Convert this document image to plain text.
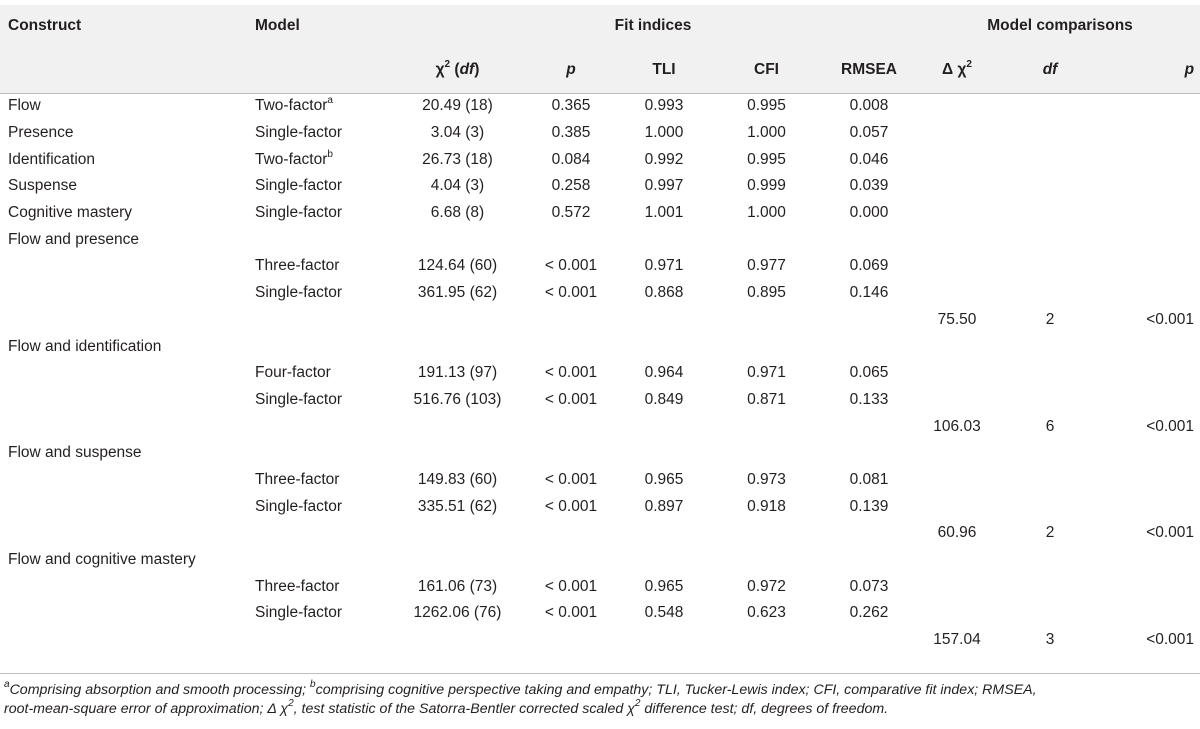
Construct	Model	Fit indices					Model comparisons		
		$\chi^2$ (df)	p	TLI	CFI	RMSEA	Δ $\chi^2$	df	p
Flow	Two-factor$^a$	20.49 (18)	0.365	0.993	0.995	0.008			
Presence	Single-factor	3.04 (3)	0.385	1.000	1.000	0.057			
Identification	Two-factor$^b$	26.73 (18)	0.084	0.992	0.995	0.046			
Suspense	Single-factor	4.04 (3)	0.258	0.997	0.999	0.039			
Cognitive mastery	Single-factor	6.68 (8)	0.572	1.001	1.000	0.000			
Flow and presence									
	Three-factor	124.64 (60)	< 0.001	0.971	0.977	0.069			
	Single-factor	361.95 (62)	< 0.001	0.868	0.895	0.146			
							75.50	2	<0.001
Flow and identification									
	Four-factor	191.13 (97)	< 0.001	0.964	0.971	0.065			
	Single-factor	516.76 (103)	< 0.001	0.849	0.871	0.133			
							106.03	6	<0.001
Flow and suspense									
	Three-factor	149.83 (60)	< 0.001	0.965	0.973	0.081			
	Single-factor	335.51 (62)	< 0.001	0.897	0.918	0.139			
							60.96	2	<0.001
Flow and cognitive mastery									
	Three-factor	161.06 (73)	< 0.001	0.965	0.972	0.073			
	Single-factor	1262.06 (76)	< 0.001	0.548	0.623	0.262			
							157.04	3	<0.001
$^a$Comprising absorption and smooth processing; $^b$comprising cognitive perspective taking and empathy; TLI, Tucker-Lewis index; CFI, comparative fit index; RMSEA,
root-mean-square error of approximation; Δ $\chi^2$, test statistic of the Satorra-Bentler corrected scaled $\chi^2$ difference test; df, degrees of freedom.
